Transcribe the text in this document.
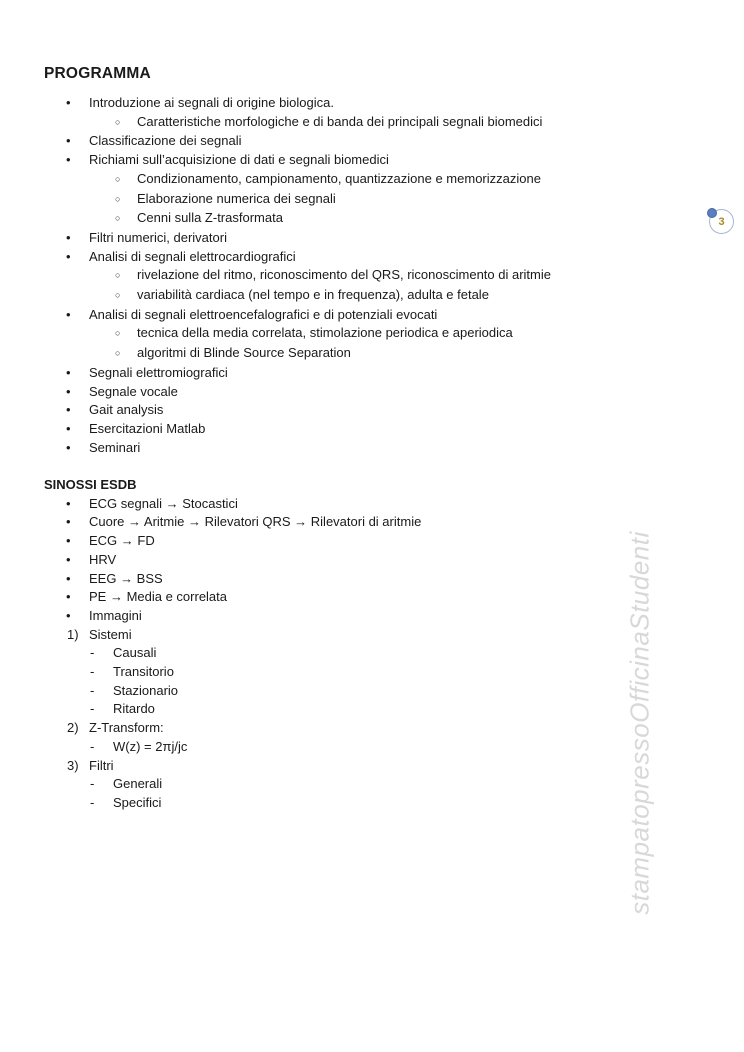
PROGRAMMA
•
Introduzione ai segnali di origine biologica.
○
Caratteristiche morfologiche e di banda dei principali segnali biomedici
•
Classificazione dei segnali
•
Richiami sull’acquisizione di dati e segnali biomedici
○
Condizionamento, campionamento, quantizzazione e memorizzazione
○
Elaborazione numerica dei segnali
○
Cenni sulla Z-trasformata
•
Filtri numerici, derivatori
•
Analisi di segnali elettrocardiografici
○
rivelazione del ritmo, riconoscimento del QRS, riconoscimento di aritmie
○
variabilità cardiaca (nel tempo e in frequenza), adulta e fetale
•
Analisi di segnali elettroencefalografici e di potenziali evocati
○
tecnica della media correlata, stimolazione periodica e aperiodica
○
algoritmi di Blinde Source Separation
•
Segnali elettromiografici
•
Segnale vocale
•
Gait analysis
•
Esercitazioni Matlab
•
Seminari
SINOSSI ESDB
•
ECG segnali → Stocastici
•
Cuore → Aritmie → Rilevatori QRS → Rilevatori di aritmie
•
ECG → FD
•
HRV
•
EEG → BSS
•
PE → Media e correlata
•
Immagini
1) Sistemi
-
Causali
-
Transitorio
-
Stazionario
-
Ritardo
2) Z-Transform:
-
W(z) = 2πj/jc
3) Filtri
-
Generali
-
Specifici
3
stampatopressoOfficinaStudenti
